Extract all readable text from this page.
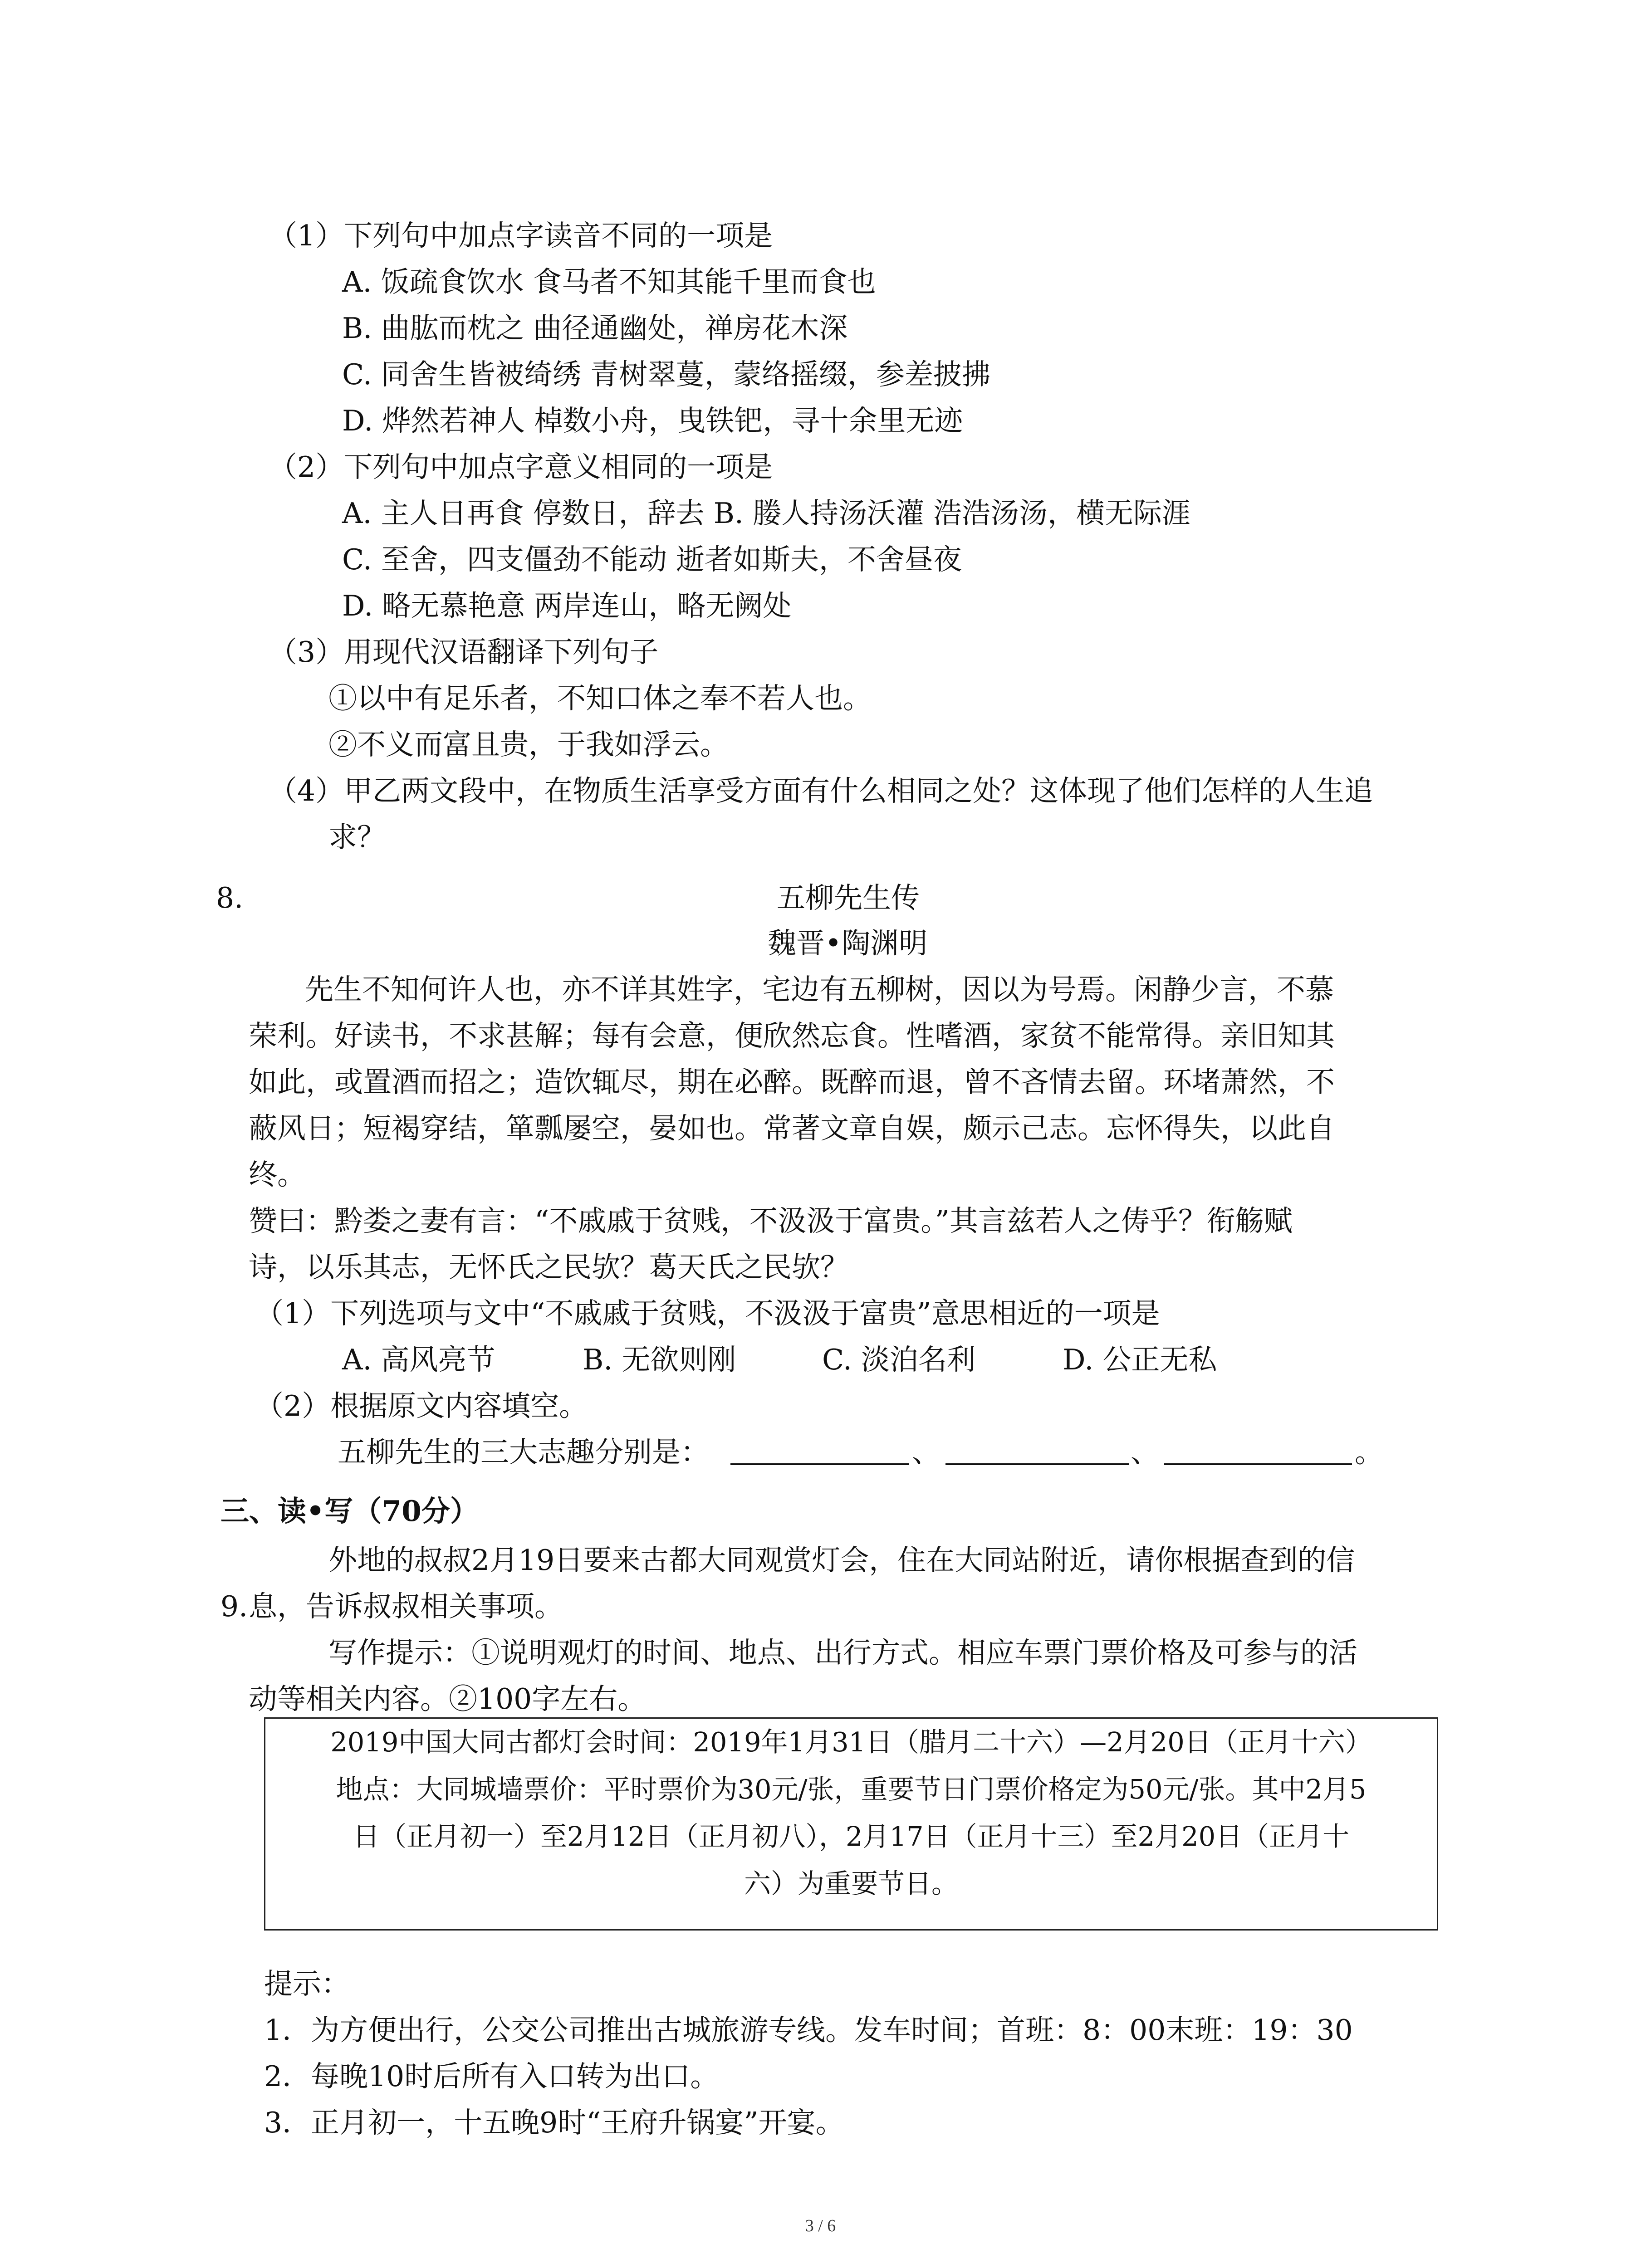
（1）下列句中加点字读音不同的一项是
A. 饭疏食饮水 食马者不知其能千里而食也
B. 曲肱而枕之 曲径通幽处，禅房花木深
C. 同舍生皆被绮绣 青树翠蔓，蒙络摇缀，参差披拂
D. 烨然若神人 棹数小舟，曳铁钯，寻十余里无迹
（2）下列句中加点字意义相同的一项是
A. 主人日再食 停数日，辞去 B. 媵人持汤沃灌 浩浩汤汤，横无际涯
C. 至舍，四支僵劲不能动 逝者如斯夫，不舍昼夜
D. 略无慕艳意 两岸连山，略无阙处
（3）用现代汉语翻译下列句子
①以中有足乐者，不知口体之奉不若人也。
②不义而富且贵，于我如浮云。
（4）甲乙两文段中，在物质生活享受方面有什么相同之处？这体现了他们怎样的人生追
求？
8.	五柳先生传
魏晋•陶渊明
先生不知何许人也，亦不详其姓字，宅边有五柳树，因以为号焉。闲静少言，不慕
荣利。好读书，不求甚解；每有会意，便欣然忘食。性嗜酒，家贫不能常得。亲旧知其
如此，或置酒而招之；造饮辄尽，期在必醉。既醉而退，曾不吝情去留。环堵萧然，不
蔽风日；短褐穿结，箪瓢屡空，晏如也。常著文章自娱，颇示己志。忘怀得失，以此自
终。
赞曰：黔娄之妻有言：“不戚戚于贫贱，不汲汲于富贵。”其言兹若人之俦乎？衔觞赋
诗，以乐其志，无怀氏之民欤？葛天氏之民欤？
（1）下列选项与文中“不戚戚于贫贱，不汲汲于富贵”意思相近的一项是
A. 高风亮节	B. 无欲则刚	C. 淡泊名利	D. 公正无私
（2）根据原文内容填空。
五柳先生的三大志趣分别是：	、	、	。
三、读•写（70分）
外地的叔叔2月19日要来古都大同观赏灯会，住在大同站附近，请你根据查到的信
9. 息，告诉叔叔相关事项。
写作提示：①说明观灯的时间、地点、出行方式。相应车票门票价格及可参与的活
动等相关内容。②100字左右。
2019中国大同古都灯会时间：2019年1月31日（腊月二十六）—2月20日（正月十六）
地点：大同城墙票价：平时票价为30元/张，重要节日门票价格定为50元/张。其中2月5
日（正月初一）至2月12日（正月初八），2月17日（正月十三）至2月20日（正月十
六）为重要节日。
提示：
1．为方便出行，公交公司推出古城旅游专线。发车时间；首班：8：00末班：19：30
2．每晚10时后所有入口转为出口。
3．正月初一，十五晚9时“王府升锅宴”开宴。
3 / 6
